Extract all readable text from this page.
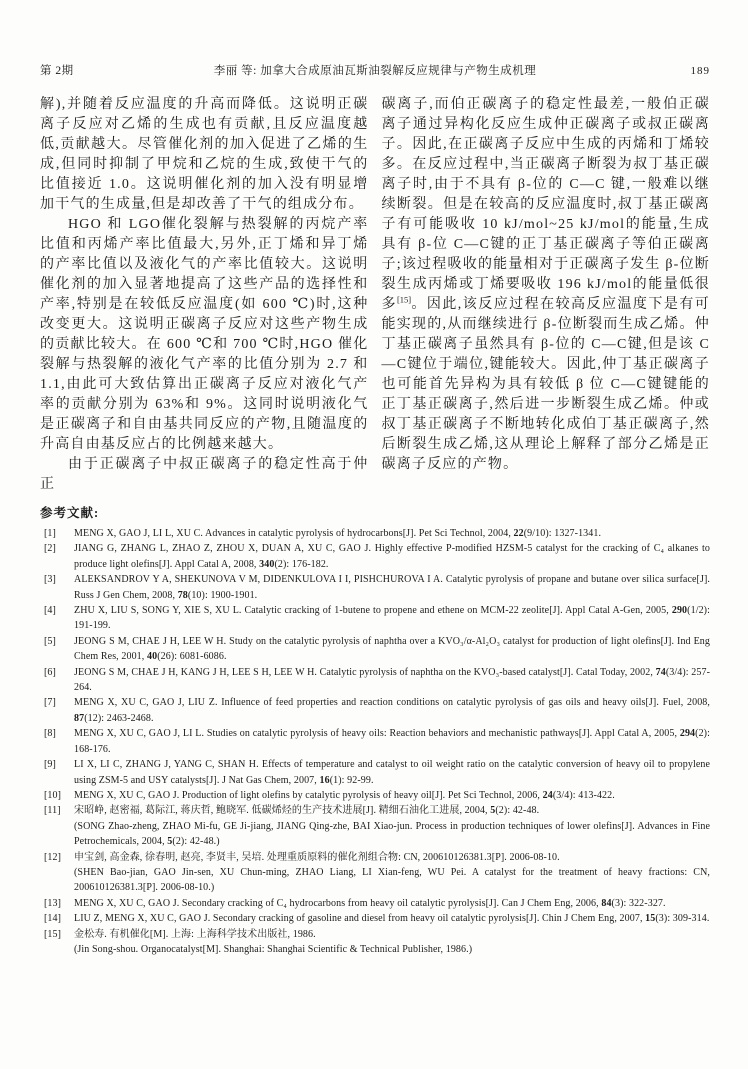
第 2期	李丽 等: 加拿大合成原油瓦斯油裂解反应规律与产物生成机理	189
解),并随着反应温度的升高而降低。这说明正碳离子反应对乙烯的生成也有贡献,且反应温度越低,贡献越大。尽管催化剂的加入促进了乙烯的生成,但同时抑制了甲烷和乙烷的生成,致使干气的比值接近 1.0。这说明催化剂的加入没有明显增加干气的生成量,但是却改善了干气的组成分布。
HGO 和 LGO催化裂解与热裂解的丙烷产率比值和丙烯产率比值最大,另外,正丁烯和异丁烯的产率比值以及液化气的产率比值较大。这说明催化剂的加入显著地提高了这些产品的选择性和产率,特别是在较低反应温度(如 600 ℃)时,这种改变更大。这说明正碳离子反应对这些产物生成的贡献比较大。在 600 ℃和 700 ℃时,HGO 催化裂解与热裂解的液化气产率的比值分别为 2.7 和 1.1,由此可大致估算出正碳离子反应对液化气产率的贡献分别为 63%和 9%。这同时说明液化气是正碳离子和自由基共同反应的产物,且随温度的升高自由基反应占的比例越来越大。
由于正碳离子中叔正碳离子的稳定性高于仲正
碳离子,而伯正碳离子的稳定性最差,一般伯正碳离子通过异构化反应生成仲正碳离子或叔正碳离子。因此,在正碳离子反应中生成的丙烯和丁烯较多。在反应过程中,当正碳离子断裂为叔丁基正碳离子时,由于不具有 β-位的 C—C 键,一般难以继续断裂。但是在较高的反应温度时,叔丁基正碳离子有可能吸收 10 kJ/mol~25 kJ/mol的能量,生成具有 β-位 C—C键的正丁基正碳离子等伯正碳离子;该过程吸收的能量相对于正碳离子发生 β-位断裂生成丙烯或丁烯要吸收 196 kJ/mol的能量低很多[15]。因此,该反应过程在较高反应温度下是有可能实现的,从而继续进行 β-位断裂而生成乙烯。仲丁基正碳离子虽然具有 β-位的 C—C键,但是该 C—C键位于端位,键能较大。因此,仲丁基正碳离子也可能首先异构为具有较低 β 位 C—C键键能的正丁基正碳离子,然后进一步断裂生成乙烯。仲或叔丁基正碳离子不断地转化成伯丁基正碳离子,然后断裂生成乙烯,这从理论上解释了部分乙烯是正碳离子反应的产物。
参考文献:
[1] MENG X, GAO J, LI L, XU C. Advances in catalytic pyrolysis of hydrocarbons[J]. Pet Sci Technol, 2004, 22(9/10): 1327-1341.
[2] JIANG G, ZHANG L, ZHAO Z, ZHOU X, DUAN A, XU C, GAO J. Highly effective P-modified HZSM-5 catalyst for the cracking of C₄ alkanes to produce light olefins[J]. Appl Catal A, 2008, 340(2): 176-182.
[3] ALEKSANDROV Y A, SHEKUNOVA V M, DIDENKULOVA I I, PISHCHUROVA I A. Catalytic pyrolysis of propane and butane over silica surface[J]. Russ J Gen Chem, 2008, 78(10): 1900-1901.
[4] ZHU X, LIU S, SONG Y, XIE S, XU L. Catalytic cracking of 1-butene to propene and ethene on MCM-22 zeolite[J]. Appl Catal A-Gen, 2005, 290(1/2): 191-199.
[5] JEONG S M, CHAE J H, LEE W H. Study on the catalytic pyrolysis of naphtha over a KVO₃/α-Al₂O₃ catalyst for production of light olefins[J]. Ind Eng Chem Res, 2001, 40(26): 6081-6086.
[6] JEONG S M, CHAE J H, KANG J H, LEE S H, LEE W H. Catalytic pyrolysis of naphtha on the KVO₃-based catalyst[J]. Catal Today, 2002, 74(3/4): 257-264.
[7] MENG X, XU C, GAO J, LIU Z. Influence of feed properties and reaction conditions on catalytic pyrolysis of gas oils and heavy oils[J]. Fuel, 2008, 87(12): 2463-2468.
[8] MENG X, XU C, GAO J, LI L. Studies on catalytic pyrolysis of heavy oils: Reaction behaviors and mechanistic pathways[J]. Appl Catal A, 2005, 294(2): 168-176.
[9] LI X, LI C, ZHANG J, YANG C, SHAN H. Effects of temperature and catalyst to oil weight ratio on the catalytic conversion of heavy oil to propylene using ZSM-5 and USY catalysts[J]. J Nat Gas Chem, 2007, 16(1): 92-99.
[10] MENG X, XU C, GAO J. Production of light olefins by catalytic pyrolysis of heavy oil[J]. Pet Sci Technol, 2006, 24(3/4): 413-422.
[11] 宋昭峥, 赵密福, 葛际江, 蒋庆哲, 鲍晓军. 低碳烯烃的生产技术进展[J]. 精细石油化工进展, 2004, 5(2): 42-48.
(SONG Zhao-zheng, ZHAO Mi-fu, GE Ji-jiang, JIANG Qing-zhe, BAI Xiao-jun. Process in production techniques of lower olefins[J]. Advances in Fine Petrochemicals, 2004, 5(2): 42-48.)
[12] 申宝剑, 高金森, 徐春明, 赵亮, 李贤丰, 吴培. 处理重质原料的催化剂组合物: CN, 200610126381.3[P]. 2006-08-10.
(SHEN Bao-jian, GAO Jin-sen, XU Chun-ming, ZHAO Liang, LI Xian-feng, WU Pei. A catalyst for the treatment of heavy fractions: CN, 200610126381.3[P]. 2006-08-10.)
[13] MENG X, XU C, GAO J. Secondary cracking of C₄ hydrocarbons from heavy oil catalytic pyrolysis[J]. Can J Chem Eng, 2006, 84(3): 322-327.
[14] LIU Z, MENG X, XU C, GAO J. Secondary cracking of gasoline and diesel from heavy oil catalytic pyrolysis[J]. Chin J Chem Eng, 2007, 15(3): 309-314.
[15] 金松寿. 有机催化[M]. 上海: 上海科学技术出版社, 1986.
(Jin Song-shou. Organocatalyst[M]. Shanghai: Shanghai Scientific & Technical Publisher, 1986.)
